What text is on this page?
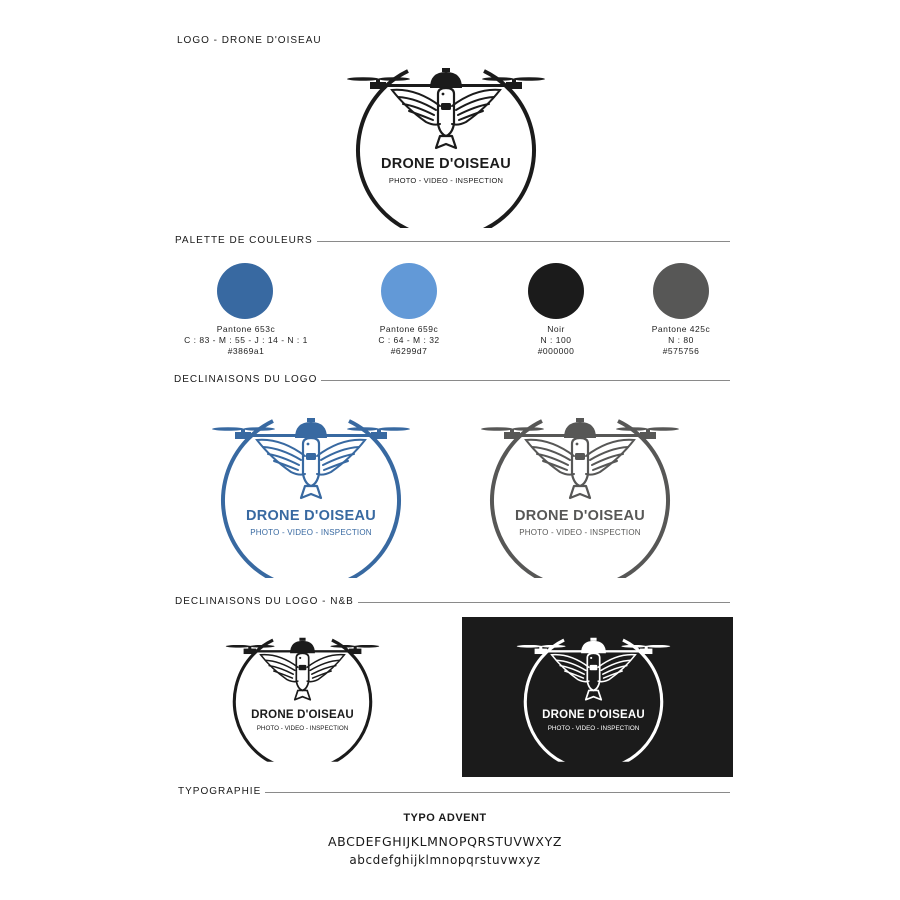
LOGO - DRONE D'OISEAU
DRONE D'OISEAU
PHOTO - VIDEO - INSPECTION
PALETTE DE COULEURS
Pantone 653c
C : 83 - M : 55 - J : 14 - N : 1
#3869a1
Pantone 659c
C : 64 - M : 32
#6299d7
Noir
N : 100
#000000
Pantone 425c
N : 80
#575756
DECLINAISONS DU LOGO
DRONE D'OISEAU
PHOTO - VIDEO - INSPECTION
DRONE D'OISEAU
PHOTO - VIDEO - INSPECTION
DECLINAISONS DU LOGO - N&B
DRONE D'OISEAU
PHOTO - VIDEO - INSPECTION
DRONE D'OISEAU
PHOTO - VIDEO - INSPECTION
TYPOGRAPHIE
TYPO ADVENT
ABCDEFGHIJKLMNOPQRSTUVWXYZ
abcdefghijklmnopqrstuvwxyz
